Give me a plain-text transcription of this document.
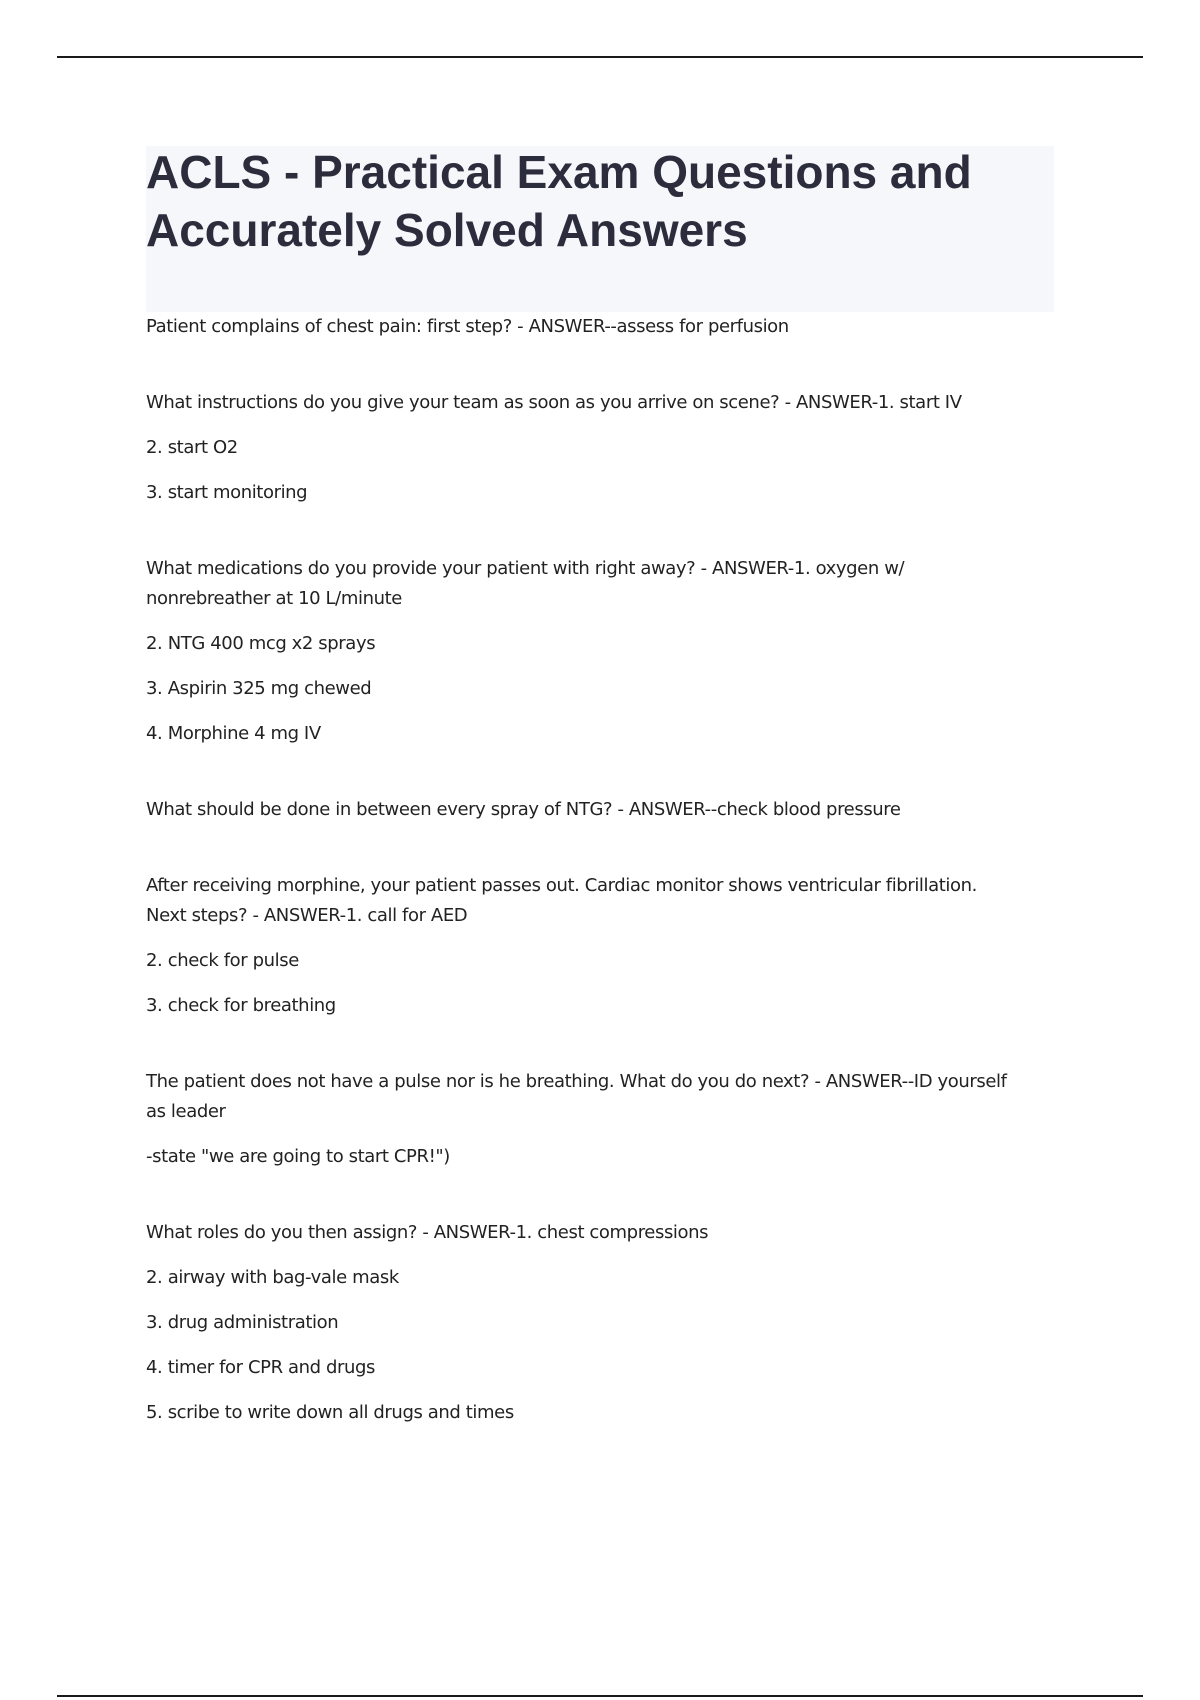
ACLS - Practical Exam Questions and
Accurately Solved Answers

Patient complains of chest pain: first step? - ANSWER--assess for perfusion

What instructions do you give your team as soon as you arrive on scene? - ANSWER-1. start IV

2. start O2

3. start monitoring

What medications do you provide your patient with right away? - ANSWER-1. oxygen w/

nonrebreather at 10 L/minute

2. NTG 400 mcg x2 sprays

3. Aspirin 325 mg chewed

4. Morphine 4 mg IV

What should be done in between every spray of NTG? - ANSWER--check blood pressure

After receiving morphine, your patient passes out. Cardiac monitor shows ventricular fibrillation.

Next steps? - ANSWER-1. call for AED

2. check for pulse

3. check for breathing

The patient does not have a pulse nor is he breathing. What do you do next? - ANSWER--ID yourself

as leader

-state "we are going to start CPR!")

What roles do you then assign? - ANSWER-1. chest compressions

2. airway with bag-vale mask

3. drug administration

4. timer for CPR and drugs

5. scribe to write down all drugs and times
